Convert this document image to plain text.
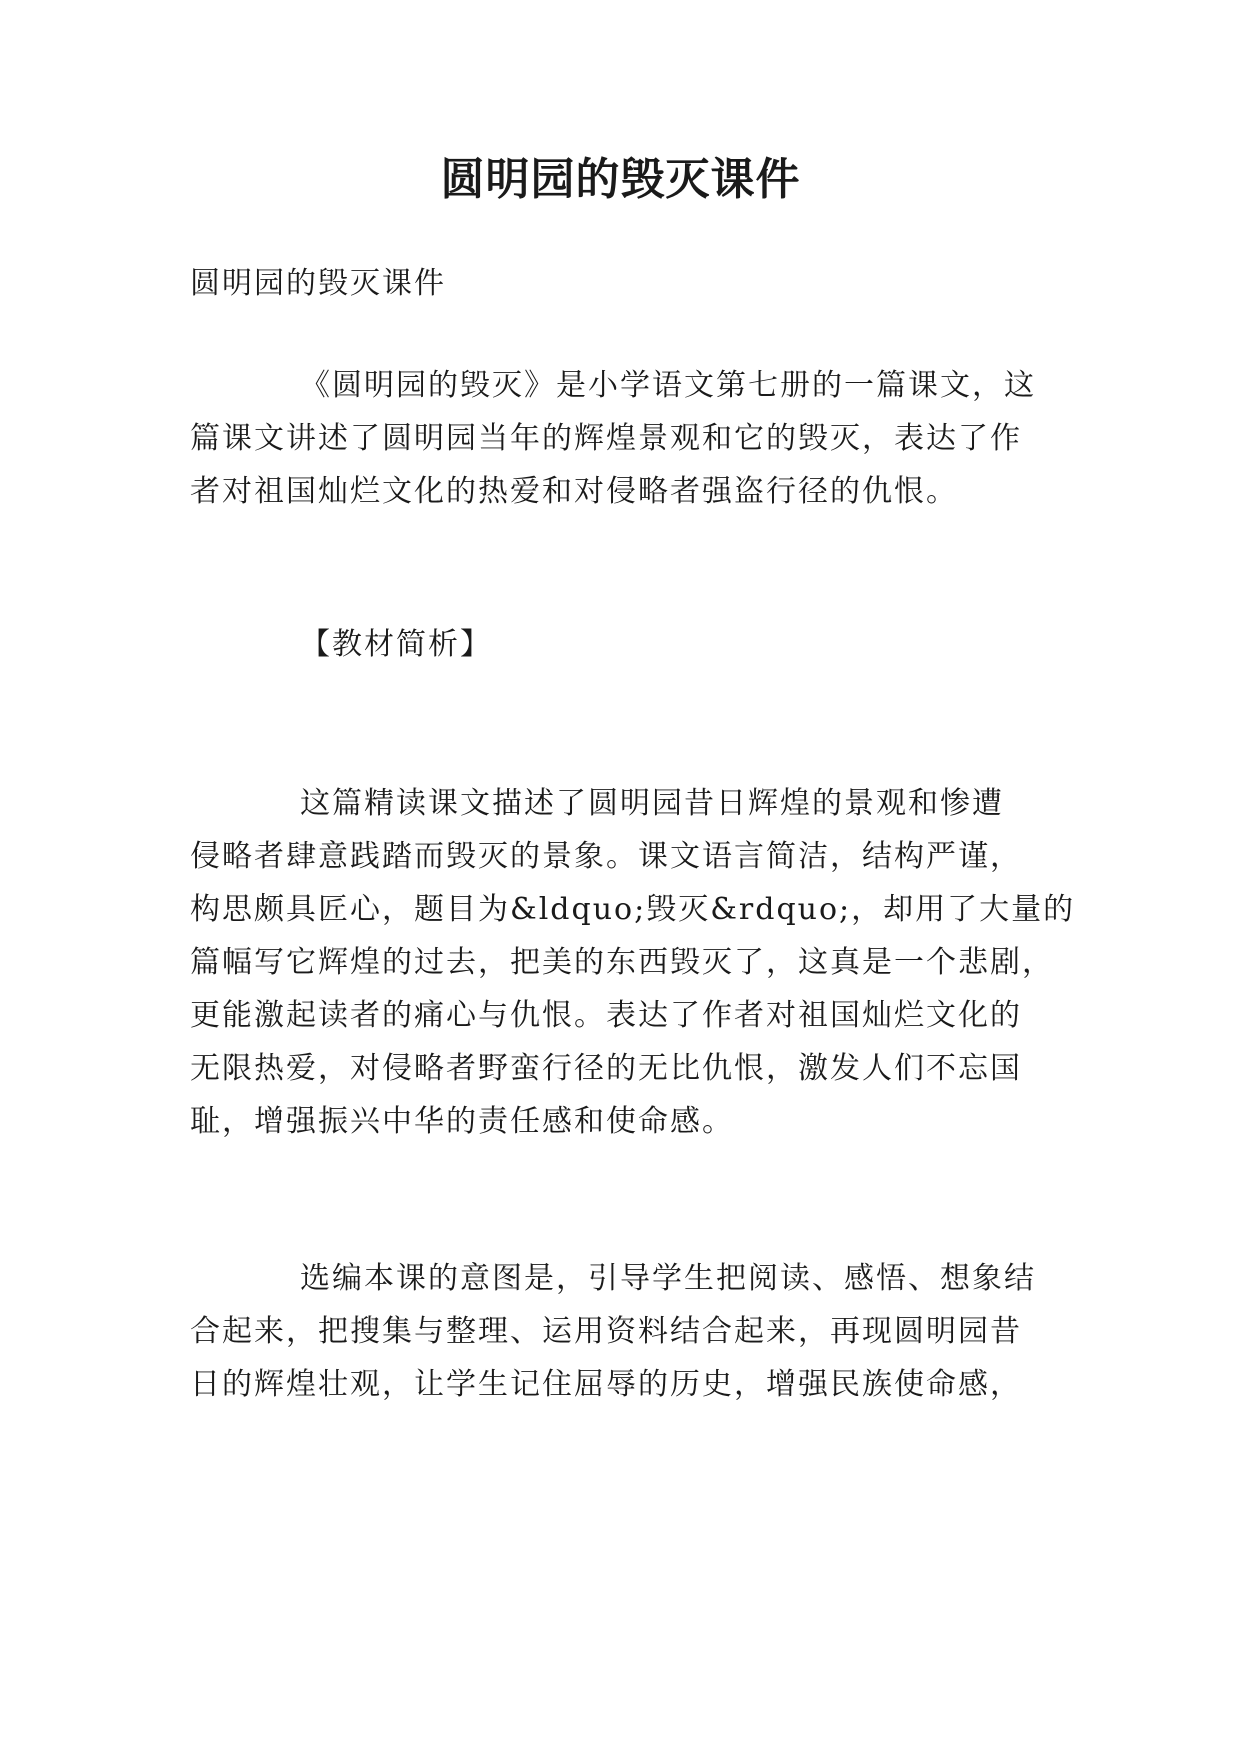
圆明园的毁灭课件

圆明园的毁灭课件

《圆明园的毁灭》是小学语文第七册的一篇课文，这

篇课文讲述了圆明园当年的辉煌景观和它的毁灭，表达了作

者对祖国灿烂文化的热爱和对侵略者强盗行径的仇恨。

【教材简析】

这篇精读课文描述了圆明园昔日辉煌的景观和惨遭

侵略者肆意践踏而毁灭的景象。课文语言简洁，结构严谨，

构思颇具匠心，题目为&ldquo;毁灭&rdquo;，却用了大量的

篇幅写它辉煌的过去，把美的东西毁灭了，这真是一个悲剧，

更能激起读者的痛心与仇恨。表达了作者对祖国灿烂文化的

无限热爱，对侵略者野蛮行径的无比仇恨，激发人们不忘国

耻，增强振兴中华的责任感和使命感。

选编本课的意图是，引导学生把阅读、感悟、想象结

合起来，把搜集与整理、运用资料结合起来，再现圆明园昔

日的辉煌壮观，让学生记住屈辱的历史，增强民族使命感，
